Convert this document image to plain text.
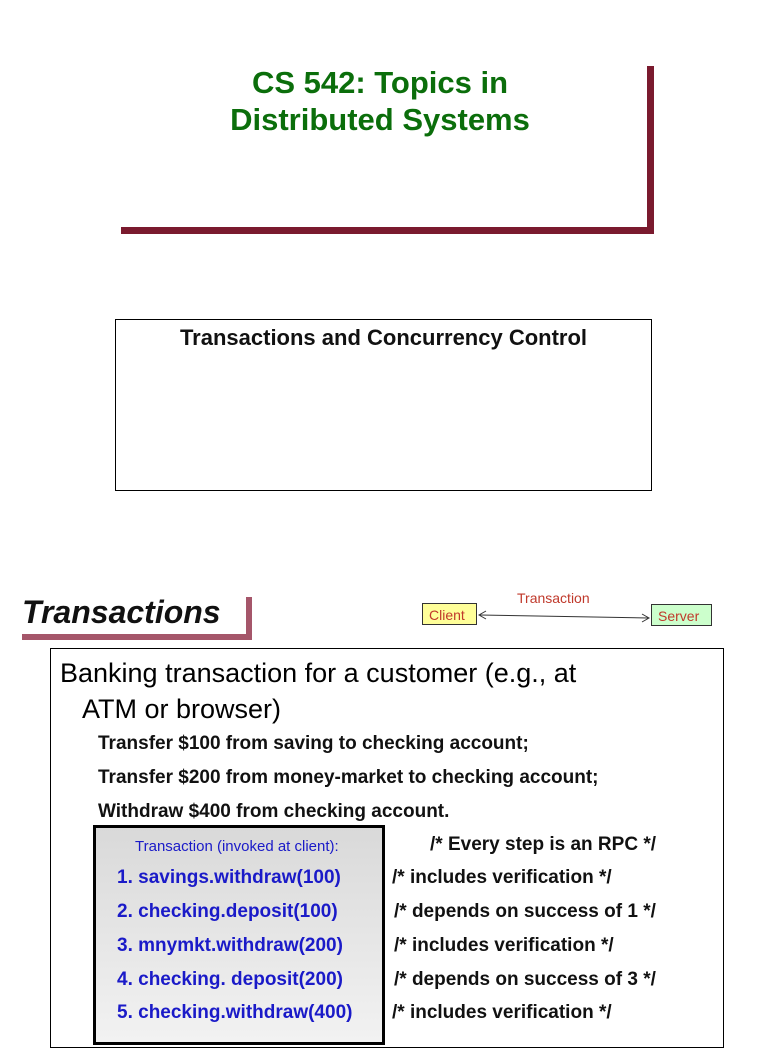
CS 542: Topics in
Distributed Systems
Transactions and Concurrency Control
Transactions	Client
Transaction
Server
Banking transaction for a customer (e.g., at
ATM or browser)
Transfer $100 from saving to checking account;
Transfer $200 from money-market to checking account;
Withdraw $400 from checking account.
Transaction (invoked at client):	/* Every step is an RPC */
1. savings.withdraw(100)	/* includes verification */
2. checking.deposit(100)	/* depends on success of 1 */
3. mnymkt.withdraw(200)	/* includes verification */
4. checking. deposit(200)	/* depends on success of 3 */
5. checking.withdraw(400) /* includes verification */
